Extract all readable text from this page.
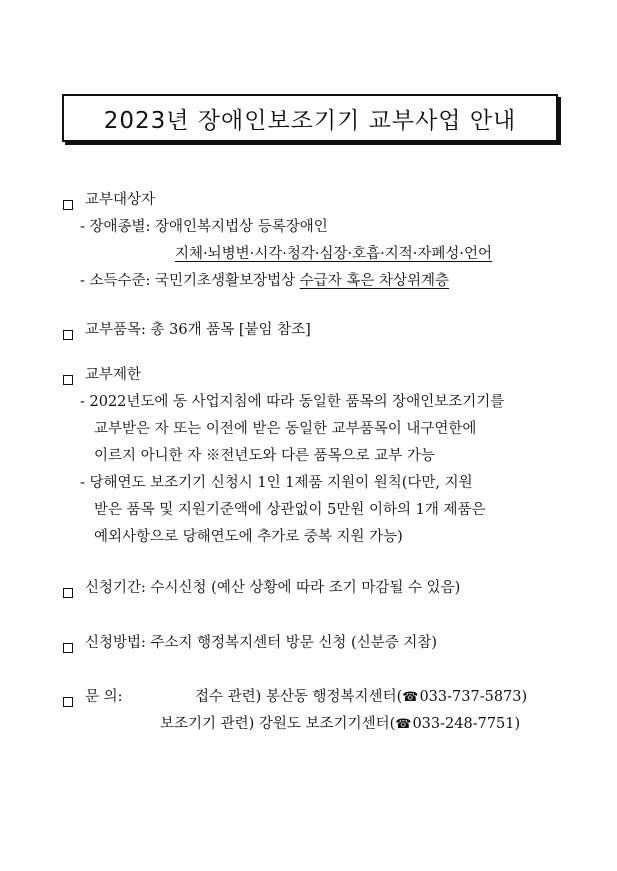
2023년 장애인보조기기 교부사업 안내
교부대상자
- 장애종별: 장애인복지법상 등록장애인
지체·뇌병변·시각·청각·심장·호흡·지적·자폐성·언어
- 소득수준: 국민기초생활보장법상 수급자 혹은 차상위계층
교부품목: 총 36개 품목 [붙임 참조]
교부제한
- 2022년도에 동 사업지침에 따라 동일한 품목의 장애인보조기기를
교부받은 자 또는 이전에 받은 동일한 교부품목이 내구연한에
이르지 아니한 자 ※전년도와 다른 품목으로 교부 가능
- 당해연도 보조기기 신청시 1인 1제품 지원이 원칙(다만, 지원
받은 품목 및 지원기준액에 상관없이 5만원 이하의 1개 제품은
예외사항으로 당해연도에 추가로 중복 지원 가능)
신청기간: 수시신청 (예산 상황에 따라 조기 마감될 수 있음)
신청방법: 주소지 행정복지센터 방문 신청 (신분증 지참)
문 의:	접수 관련) 봉산동 행정복지센터(☎033-737-5873)
보조기기 관련) 강원도 보조기기센터(☎033-248-7751)
